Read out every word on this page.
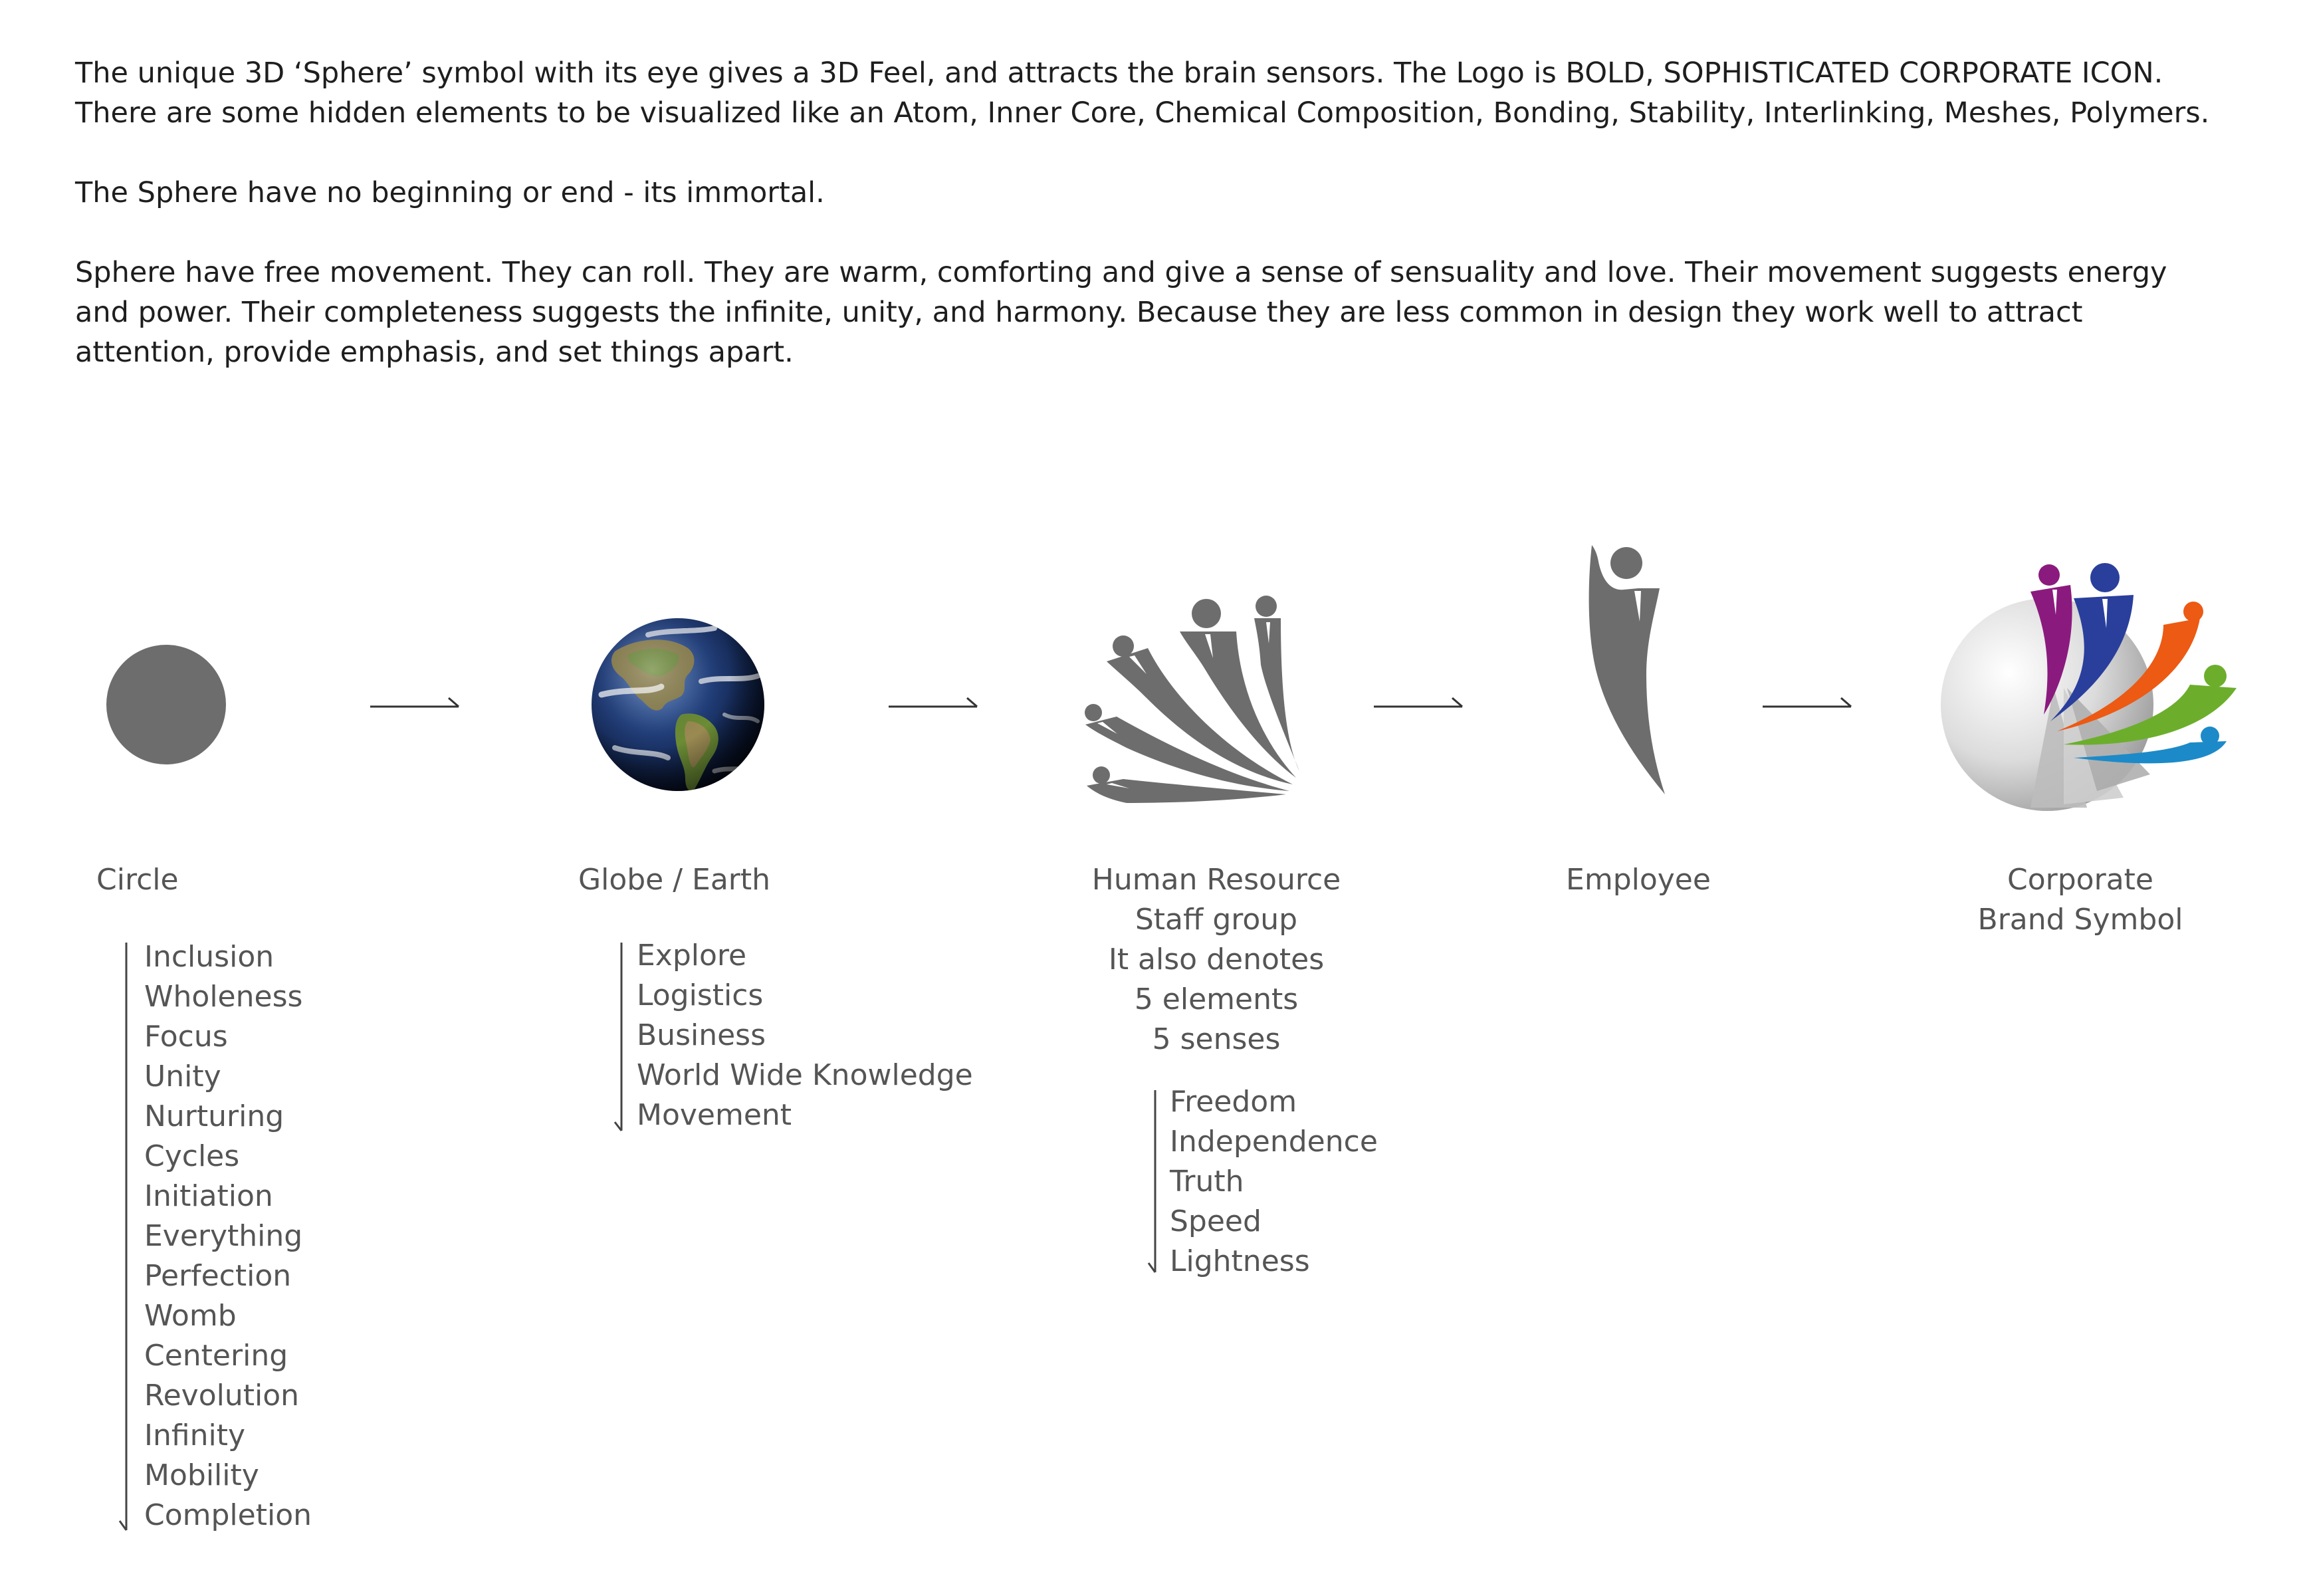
The unique 3D ‘Sphere’ symbol with its eye gives a 3D Feel, and attracts the brain sensors. The Logo is BOLD, SOPHISTICATED CORPORATE ICON. There are some hidden elements to be visualized like an Atom, Inner Core, Chemical Composition, Bonding, Stability, Interlinking, Meshes, Polymers.

The Sphere have no beginning or end - its immortal.

Sphere have free movement. They can roll. They are warm, comforting and give a sense of sensuality and love. Their movement suggests energy and power. Their completeness suggests the infinite, unity, and harmony. Because they are less common in design they work well to attract attention, provide emphasis, and set things apart.

Circle	Globe / Earth	Human Resource
Staff group
It also denotes
5 elements
5 senses
Employee	Corporate
Brand Symbol
Inclusion
Wholeness
Focus
Unity
Nurturing
Cycles
Initiation
Everything
Perfection
Womb
Centering
Revolution
Infinity
Mobility
Completion
Explore
Logistics
Business
World Wide Knowledge
Movement	Freedom
Independence
Truth
Speed
Lightness
